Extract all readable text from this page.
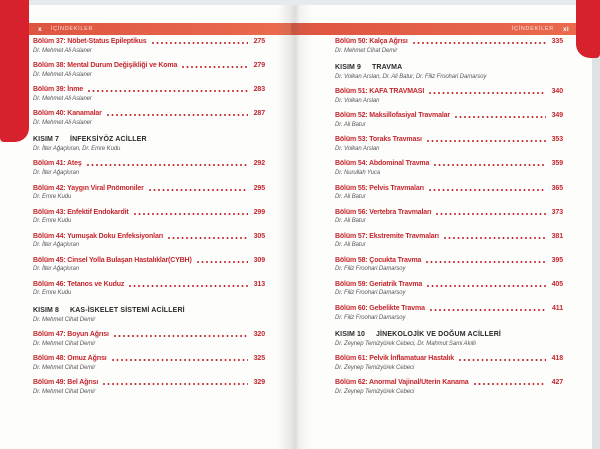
x İÇİNDEKİLER
Bölüm 37: Nöbet-Status Epileptikus	275
Dr. Mehmet Ali Aslaner
Bölüm 38: Mental Durum Değişikliği ve Koma	279
Dr. Mehmet Ali Aslaner
Bölüm 39: İnme	283
Dr. Mehmet Ali Aslaner
Bölüm 40: Kanamalar	287
Dr. Mehmet Ali Aslaner
KISIM 7 İNFEKSİYÖZ ACİLLER
Dr. İlter Ağaçkıran, Dr. Emre Kudu
Bölüm 41: Ateş	292
Dr. İlter Ağaçkıran
Bölüm 42: Yaygın Viral Pnömoniler	295
Dr. Emre Kudu
Bölüm 43: Enfektif Endokardit	299
Dr. Emre Kudu
Bölüm 44: Yumuşak Doku Enfeksiyonları	305
Dr. İlter Ağaçkıran
Bölüm 45: Cinsel Yolla Bulaşan Hastalıklar(CYBH)	309
Dr. İlter Ağaçkıran
Bölüm 46: Tetanos ve Kuduz	313
Dr. Emre Kudu
KISIM 8 KAS-İSKELET SİSTEMİ ACİLLERİ
Dr. Mehmet Cihat Demir
Bölüm 47: Boyun Ağrısı	320
Dr. Mehmet Cihat Demir
Bölüm 48: Omuz Ağrısı	325
Dr. Mehmet Cihat Demir
Bölüm 49: Bel Ağrısı	329
Dr. Mehmet Cihat Demir
İÇİNDEKİLER xi
Bölüm 50: Kalça Ağrısı	335
Dr. Mehmet Cihat Demir
KISIM 9 TRAVMA
Dr. Volkan Arslan, Dr. Ali Batur, Dr. Filiz Froohari Damarsoy
Bölüm 51: KAFA TRAVMASI	340
Dr. Volkan Arslan
Bölüm 52: Maksillofasiyal Travmalar	349
Dr. Ali Batur
Bölüm 53: Toraks Travması	353
Dr. Volkan Arslan
Bölüm 54: Abdominal Travma	359
Dr. Nurullah Yuca
Bölüm 55: Pelvis Travmaları	365
Dr. Ali Batur
Bölüm 56: Vertebra Travmaları	373
Dr. Ali Batur
Bölüm 57: Ekstremite Travmaları	381
Dr. Ali Batur
Bölüm 58: Çocukta Travma	395
Dr. Filiz Froohari Damarsoy
Bölüm 59: Geriatrik Travma	405
Dr. Filiz Froohari Damarsoy
Bölüm 60: Gebelikte Travma	411
Dr. Filiz Froohari Damarsoy
KISIM 10 JİNEKOLOJİK VE DOĞUM ACİLLERİ
Dr. Zeynep Temizyürek Cebeci, Dr. Mahmut Sami Akıllı
Bölüm 61: Pelvik İnflamatuar Hastalık	418
Dr. Zeynep Temizyürek Cebeci
Bölüm 62: Anormal Vajinal/Uterin Kanama	427
Dr. Zeynep Temizyürek Cebeci
